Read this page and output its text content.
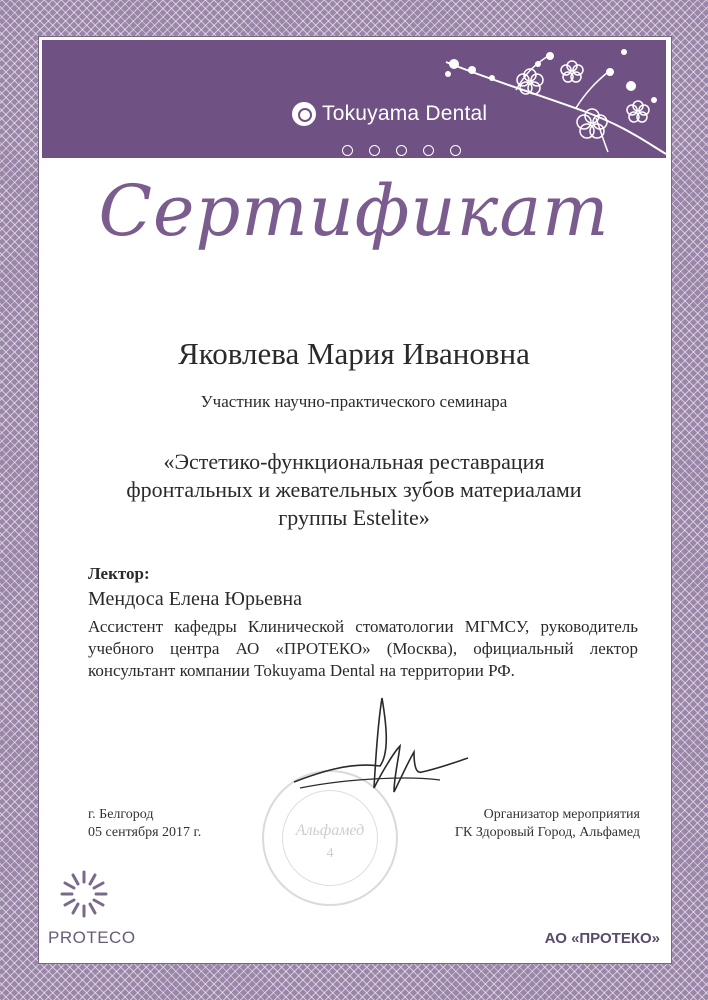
Tokuyama Dental
Сертификат
Яковлева Мария Ивановна
Участник научно-практического семинара
«Эстетико-функциональная реставрация
фронтальных и жевательных зубов материалами
группы Estelite»
Лектор:
Мендоса Елена Юрьевна
Ассистент кафедры Клинической стоматологии МГМСУ, руководитель учебного центра АО «ПРОТЕКО» (Москва), официальный лектор консультант компании Tokuyama Dental на территории РФ.
Альфамед
4
г. Белгород
05 сентября 2017 г.
Организатор мероприятия
ГК Здоровый Город, Альфамед
PROTECO	АО «ПРОТЕКО»
